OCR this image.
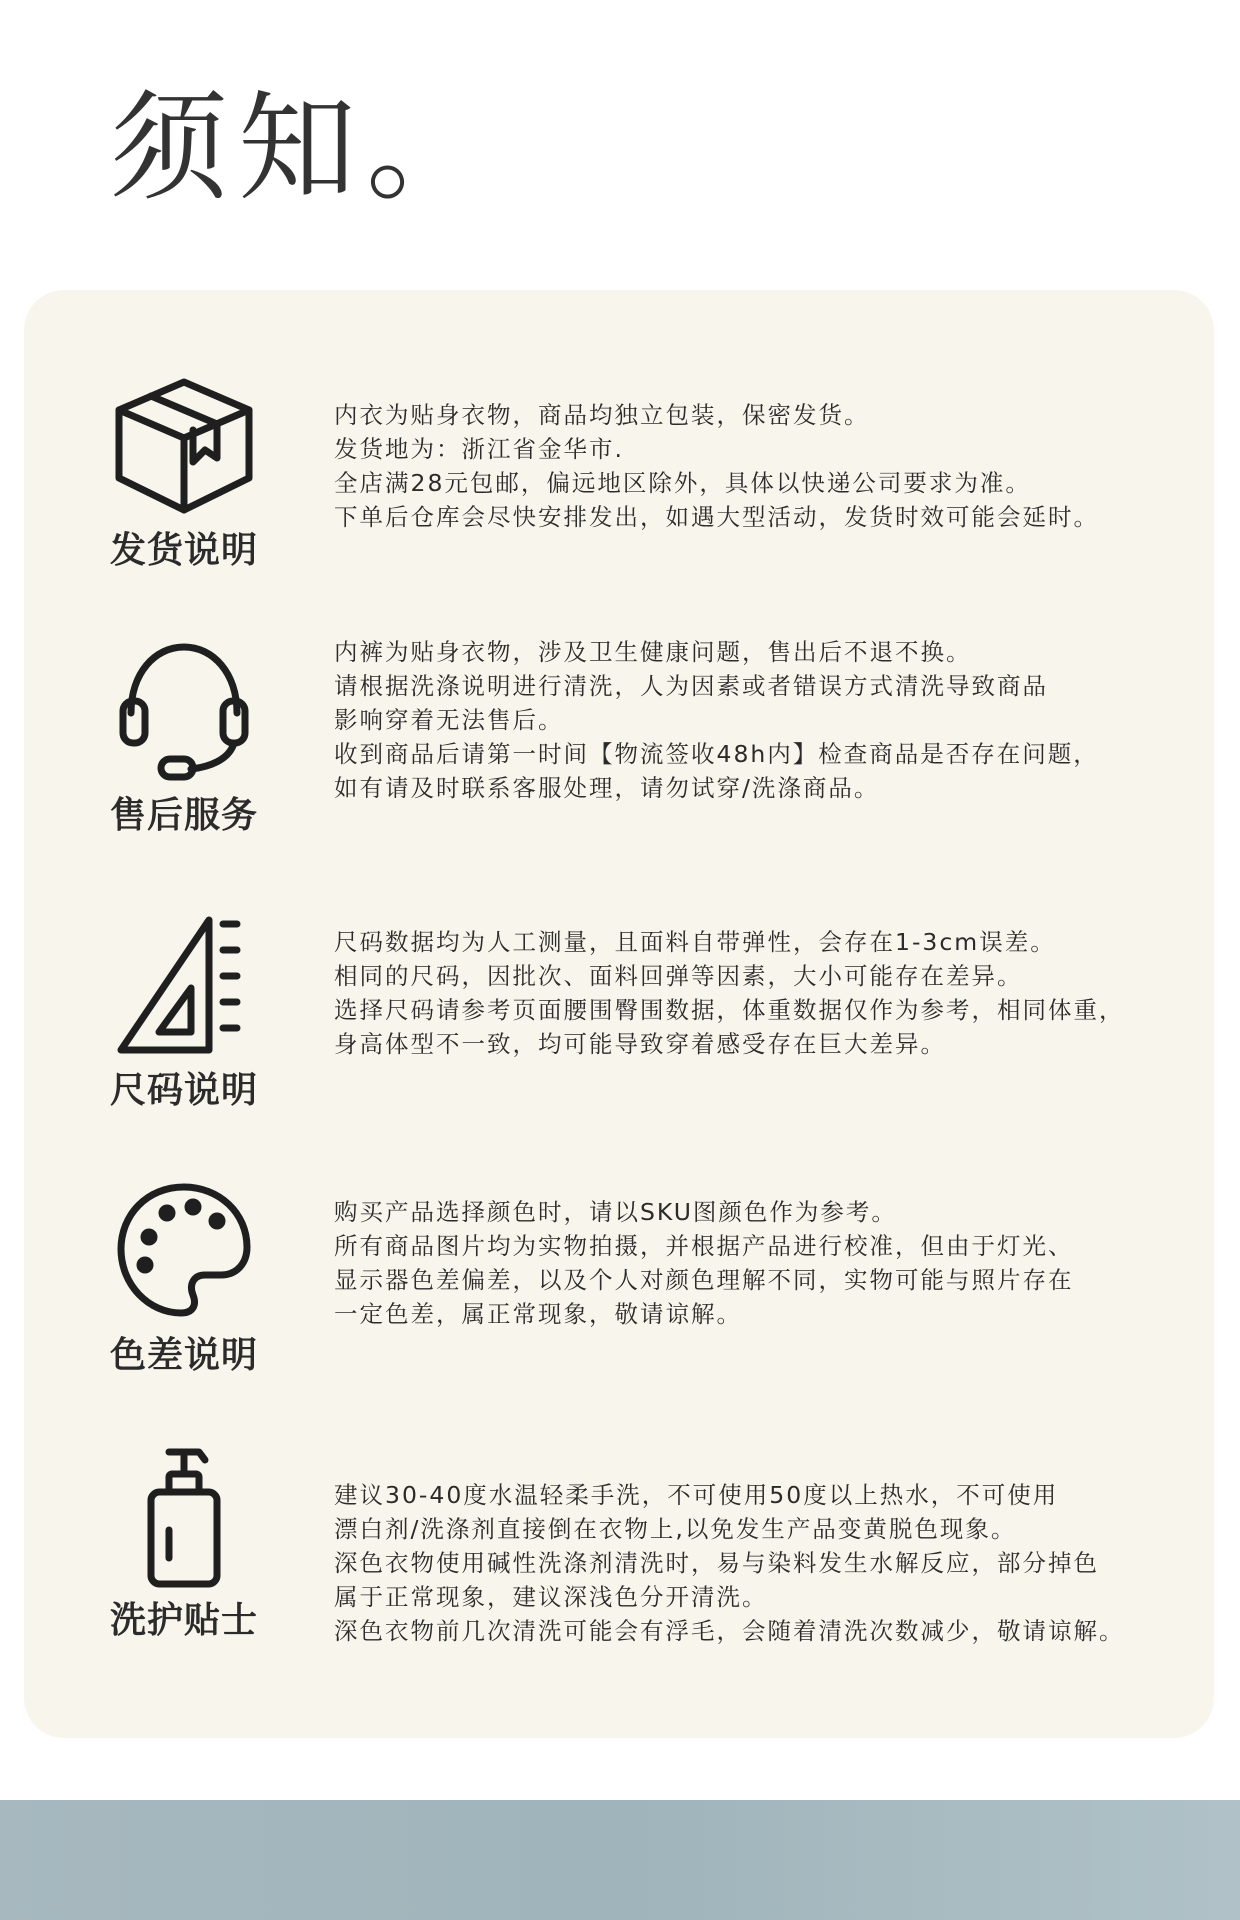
须知。
发货说明
内衣为贴身衣物，商品均独立包装，保密发货。
发货地为：浙江省金华市.
全店满28元包邮，偏远地区除外，具体以快递公司要求为准。
下单后仓库会尽快安排发出，如遇大型活动，发货时效可能会延时。
售后服务
内裤为贴身衣物，涉及卫生健康问题，售出后不退不换。
请根据洗涤说明进行清洗，人为因素或者错误方式清洗导致商品
影响穿着无法售后。
收到商品后请第一时间【物流签收48h内】检查商品是否存在问题，
如有请及时联系客服处理，请勿试穿/洗涤商品。
尺码说明
尺码数据均为人工测量，且面料自带弹性，会存在1-3cm误差。
相同的尺码，因批次、面料回弹等因素，大小可能存在差异。
选择尺码请参考页面腰围臀围数据，体重数据仅作为参考，相同体重，
身高体型不一致，均可能导致穿着感受存在巨大差异。
色差说明
购买产品选择颜色时，请以SKU图颜色作为参考。
所有商品图片均为实物拍摄，并根据产品进行校准，但由于灯光、
显示器色差偏差，以及个人对颜色理解不同，实物可能与照片存在
一定色差，属正常现象，敬请谅解。
洗护贴士
建议30-40度水温轻柔手洗，不可使用50度以上热水，不可使用
漂白剂/洗涤剂直接倒在衣物上,以免发生产品变黄脱色现象。
深色衣物使用碱性洗涤剂清洗时，易与染料发生水解反应，部分掉色
属于正常现象，建议深浅色分开清洗。
深色衣物前几次清洗可能会有浮毛，会随着清洗次数减少，敬请谅解。
